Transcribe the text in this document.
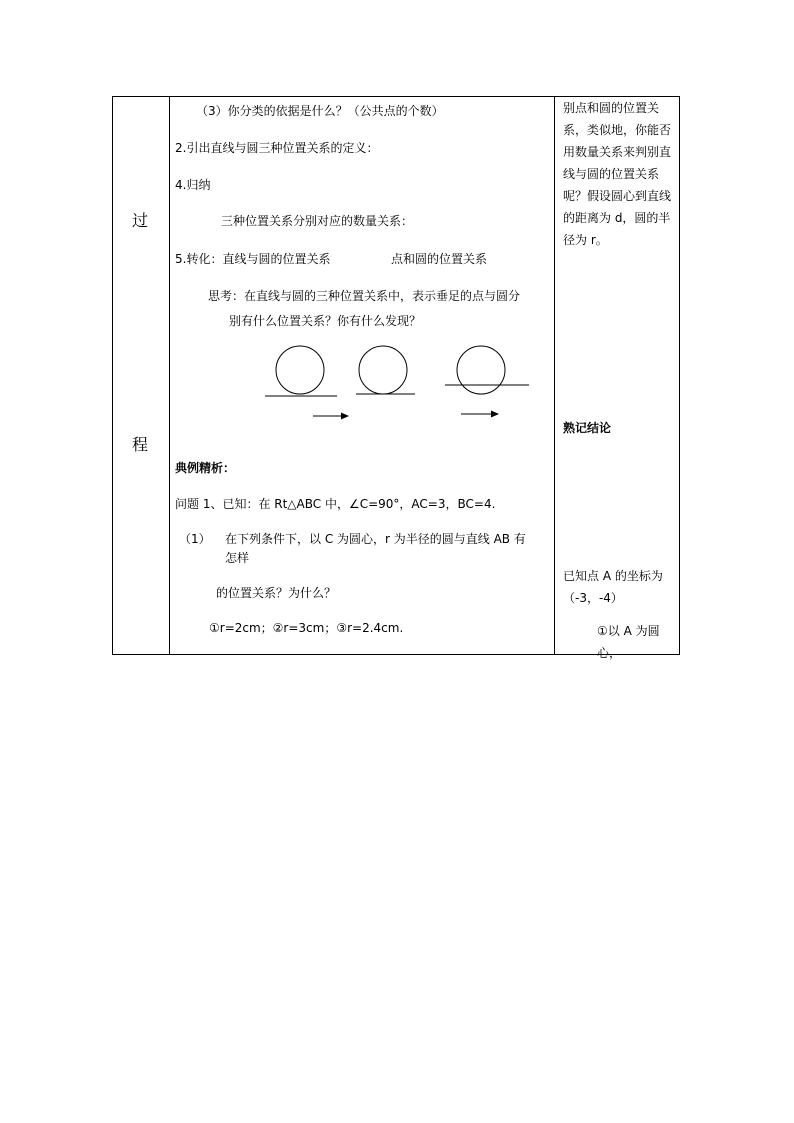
过
程
（3）你分类的依据是什么？（公共点的个数）
2.引出直线与圆三种位置关系的定义：
4.归纳
三种位置关系分别对应的数量关系：
5.转化：直线与圆的位置关系	点和圆的位置关系
思考：在直线与圆的三种位置关系中，表示垂足的点与圆分
别有什么位置关系？你有什么发现？
典例精析：
问题 1、已知：在 Rt△ABC 中，∠C=90°，AC=3，BC=4.
（1） 在下列条件下，以 C 为圆心，r 为半径的圆与直线 AB 有
怎样
的位置关系？为什么？
①r=2cm；②r=3cm；③r=2.4cm.
别点和圆的位置关系，类似地，你能否用数量关系来判别直线与圆的位置关系呢？假设圆心到直线的距离为 d，圆的半径为 r。
熟记结论
已知点 A 的坐标为（-3，-4）
①以 A 为圆心，
